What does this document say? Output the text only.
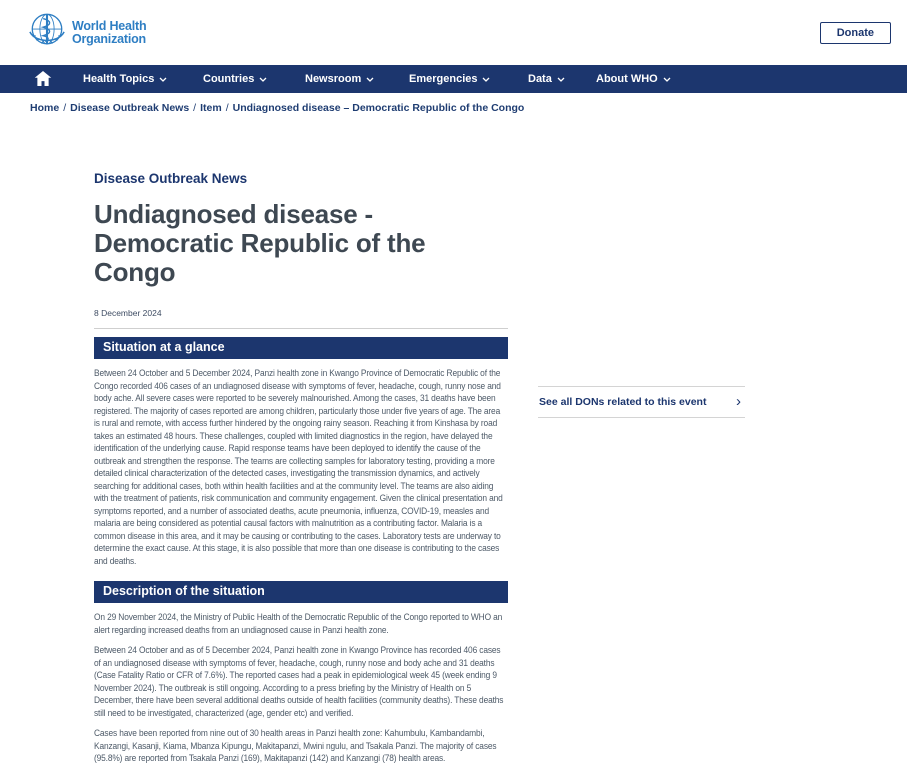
World Health
Organization	Donate
Health Topics	Countries	Newsroom	Emergencies	Data	About WHO
Home / Disease Outbreak News / Item / Undiagnosed disease – Democratic Republic of the Congo
Disease Outbreak News
Undiagnosed disease - Democratic Republic of the Congo
8 December 2024
Situation at a glance

Between 24 October and 5 December 2024, Panzi health zone in Kwango Province of Democratic Republic of the Congo recorded 406 cases of an undiagnosed disease with symptoms of fever, headache, cough, runny nose and body ache. All severe cases were reported to be severely malnourished. Among the cases, 31 deaths have been registered. The majority of cases reported are among children, particularly those under five years of age. The area is rural and remote, with access further hindered by the ongoing rainy season. Reaching it from Kinshasa by road takes an estimated 48 hours. These challenges, coupled with limited diagnostics in the region, have delayed the identification of the underlying cause. Rapid response teams have been deployed to identify the cause of the outbreak and strengthen the response. The teams are collecting samples for laboratory testing, providing a more detailed clinical characterization of the detected cases, investigating the transmission dynamics, and actively searching for additional cases, both within health facilities and at the community level. The teams are also aiding with the treatment of patients, risk communication and community engagement. Given the clinical presentation and symptoms reported, and a number of associated deaths, acute pneumonia, influenza, COVID-19, measles and malaria are being considered as potential causal factors with malnutrition as a contributing factor. Malaria is a common disease in this area, and it may be causing or contributing to the cases. Laboratory tests are underway to determine the exact cause. At this stage, it is also possible that more than one disease is contributing to the cases and deaths.

Description of the situation

On 29 November 2024, the Ministry of Public Health of the Democratic Republic of the Congo reported to WHO an alert regarding increased deaths from an undiagnosed cause in Panzi health zone.

Between 24 October and as of 5 December 2024, Panzi health zone in Kwango Province has recorded 406 cases of an undiagnosed disease with symptoms of fever, headache, cough, runny nose and body ache and 31 deaths (Case Fatality Ratio or CFR of 7.6%). The reported cases had a peak in epidemiological week 45 (week ending 9 November 2024). The outbreak is still ongoing. According to a press briefing by the Ministry of Health on 5 December, there have been several additional deaths outside of health facilities (community deaths). These deaths still need to be investigated, characterized (age, gender etc) and verified.

Cases have been reported from nine out of 30 health areas in Panzi health zone: Kahumbulu, Kambandambi, Kanzangi, Kasanji, Kiama, Mbanza Kipungu, Makitapanzi, Mwini ngulu, and Tsakala Panzi. The majority of cases (95.8%) are reported from Tsakala Panzi (169), Makitapanzi (142) and Kanzangi (78) health areas.

See all DONs related to this event ›
